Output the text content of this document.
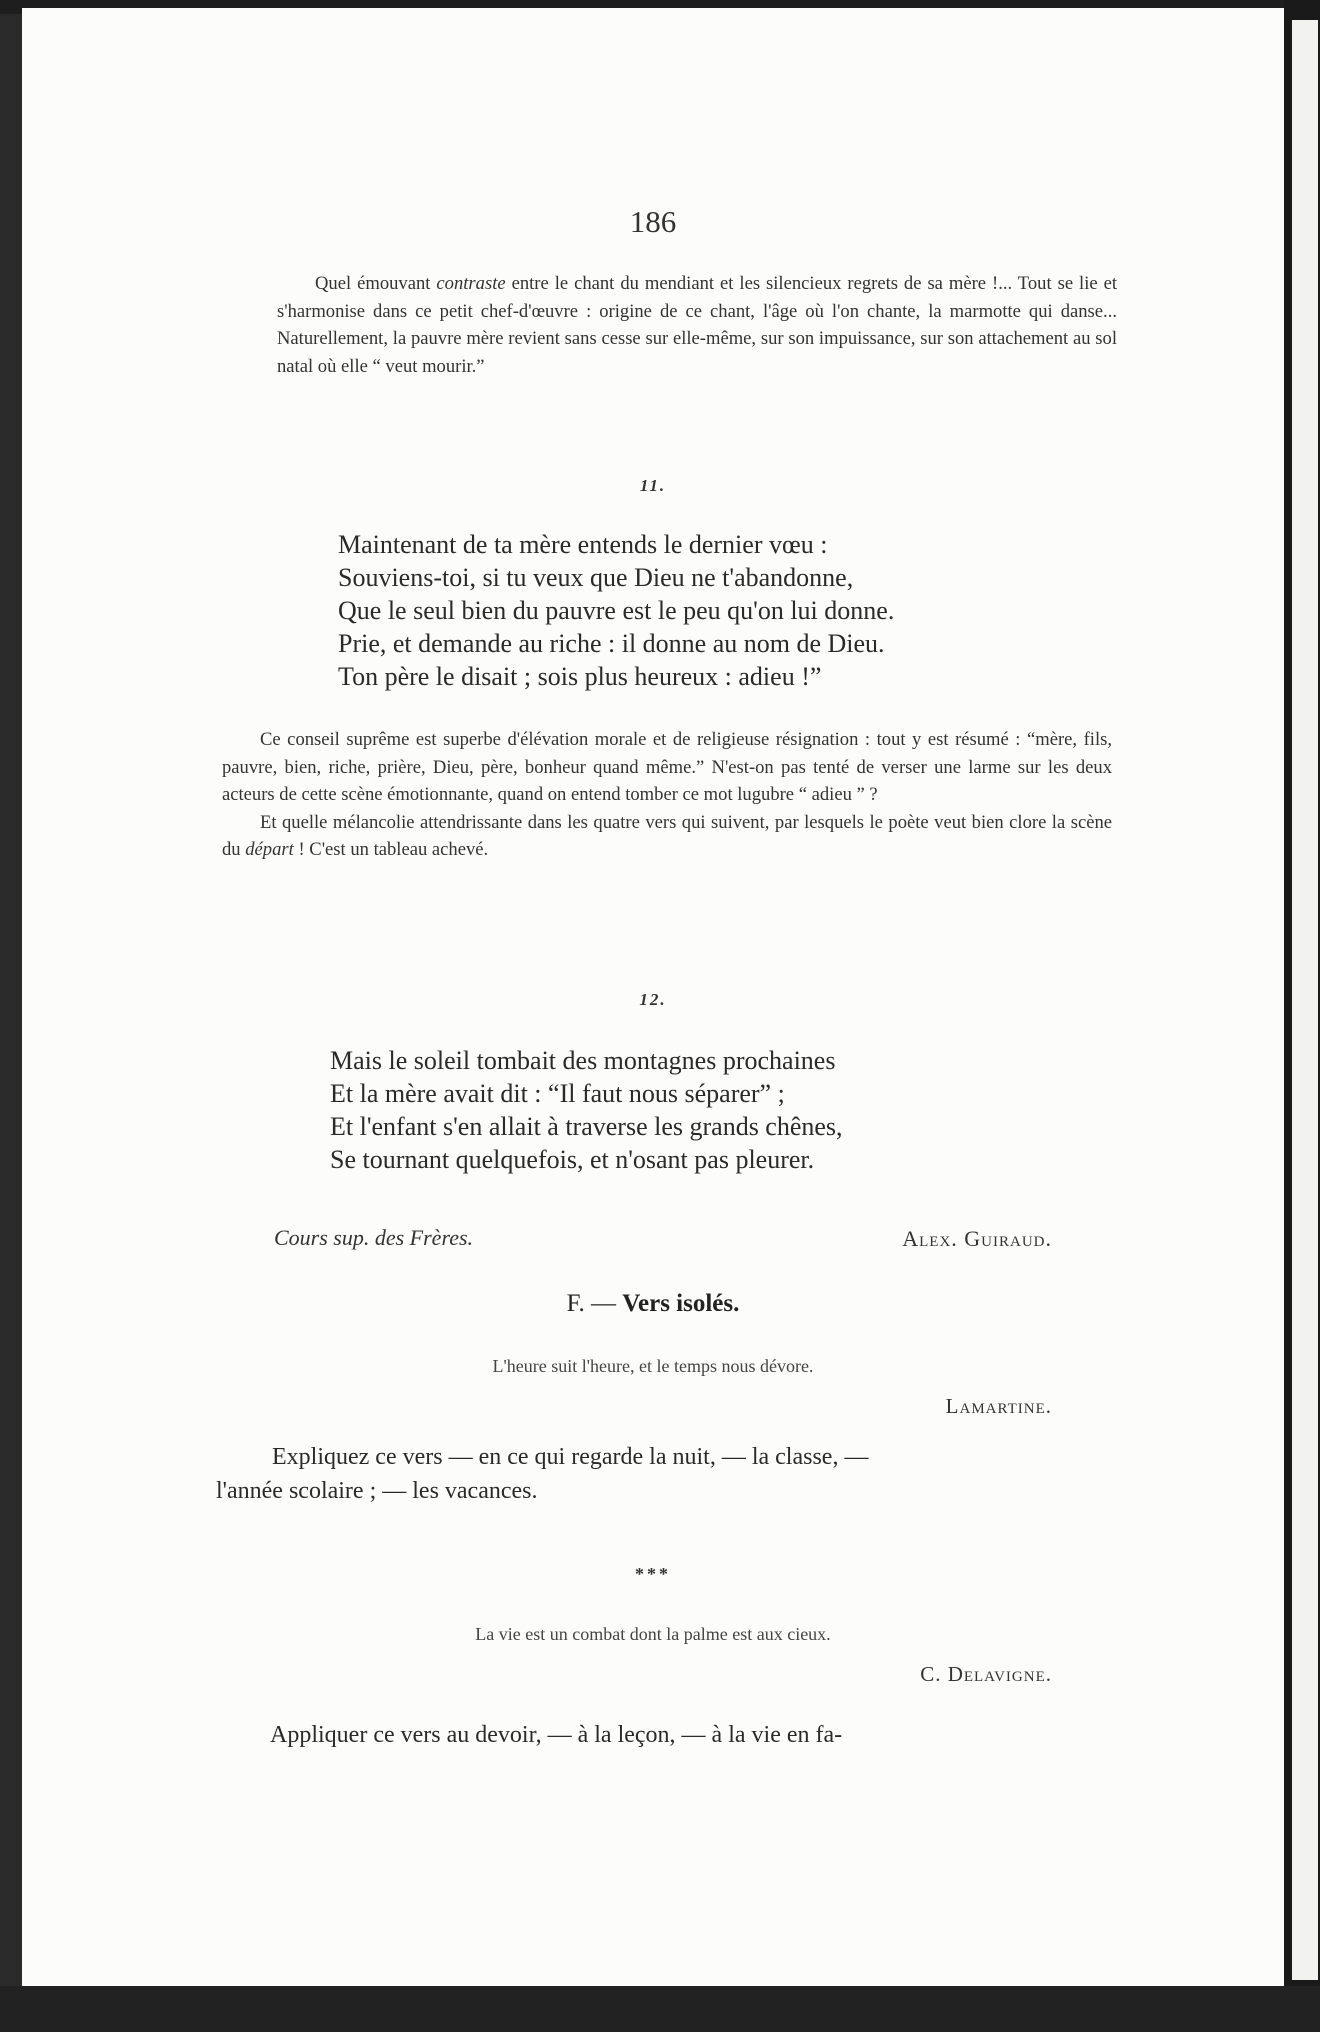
186

Quel émouvant contraste entre le chant du mendiant et les silencieux regrets de sa mère !... Tout se lie et s'harmonise dans ce petit chef-d'œuvre : origine de ce chant, l'âge où l'on chante, la marmotte qui danse... Naturellement, la pauvre mère revient sans cesse sur elle-même, sur son impuissance, sur son attachement au sol natal où elle “ veut mourir.”

11.
Maintenant de ta mère entends le dernier vœu :
Souviens-toi, si tu veux que Dieu ne t'abandonne,
Que le seul bien du pauvre est le peu qu'on lui donne.
Prie, et demande au riche : il donne au nom de Dieu.
Ton père le disait ; sois plus heureux : adieu !”

Ce conseil suprême est superbe d'élévation morale et de religieuse résignation : tout y est résumé : “mère, fils, pauvre, bien, riche, prière, Dieu, père, bonheur quand même.” N'est-on pas tenté de verser une larme sur les deux acteurs de cette scène émotionnante, quand on entend tomber ce mot lugubre “ adieu ” ?

Et quelle mélancolie attendrissante dans les quatre vers qui suivent, par lesquels le poète veut bien clore la scène du départ ! C'est un tableau achevé.

12.
Mais le soleil tombait des montagnes prochaines
Et la mère avait dit : “Il faut nous séparer” ;
Et l'enfant s'en allait à traverse les grands chênes,
Se tournant quelquefois, et n'osant pas pleurer.
Cours sup. des Frères.	Alex. Guiraud.
F. — Vers isolés.
L'heure suit l'heure, et le temps nous dévore.
Lamartine.
Expliquez ce vers — en ce qui regarde la nuit, — la classe, —
l'année scolaire ; — les vacances.
***
La vie est un combat dont la palme est aux cieux.
C. Delavigne.
Appliquer ce vers au devoir, — à la leçon, — à la vie en fa-
